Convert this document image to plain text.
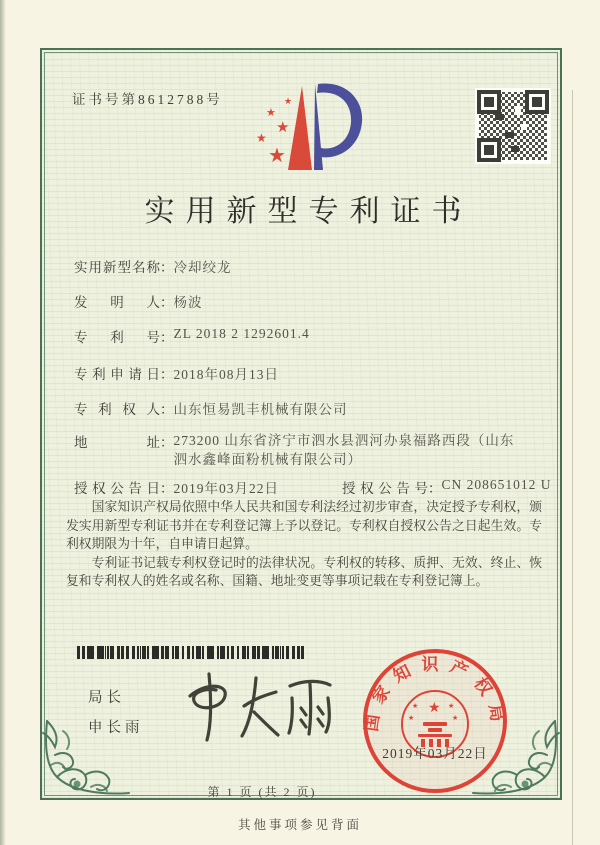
证书号第8612788号
★
★
★
★
★
实用新型专利证书
实用新型名称 ： 冷却绞龙
发明人 ： 杨波
专利号 ： ZL 2018 2 1292601.4
专利申请日 ： 2018年08月13日
专利权人 ： 山东恒易凯丰机械有限公司
地址 ： 273200 山东省济宁市泗水县泗河办泉福路西段（山东泗水鑫峰面粉机械有限公司）
授权公告日 ： 2019年03月22日	授权公告号 ： CN 208651012 U

国家知识产权局依照中华人民共和国专利法经过初步审查，决定授予专利权，颁发实用新型专利证书并在专利登记簿上予以登记。专利权自授权公告之日起生效。专利权期限为十年，自申请日起算。

专利证书记载专利权登记时的法律状况。专利权的转移、质押、无效、终止、恢复和专利权人的姓名或名称、国籍、地址变更等事项记载在专利登记簿上。

局长
申长雨	国家知识产权局
★
★	★
★	★
2019年03月22日
第 1 页 (共 2 页)
其他事项参见背面
